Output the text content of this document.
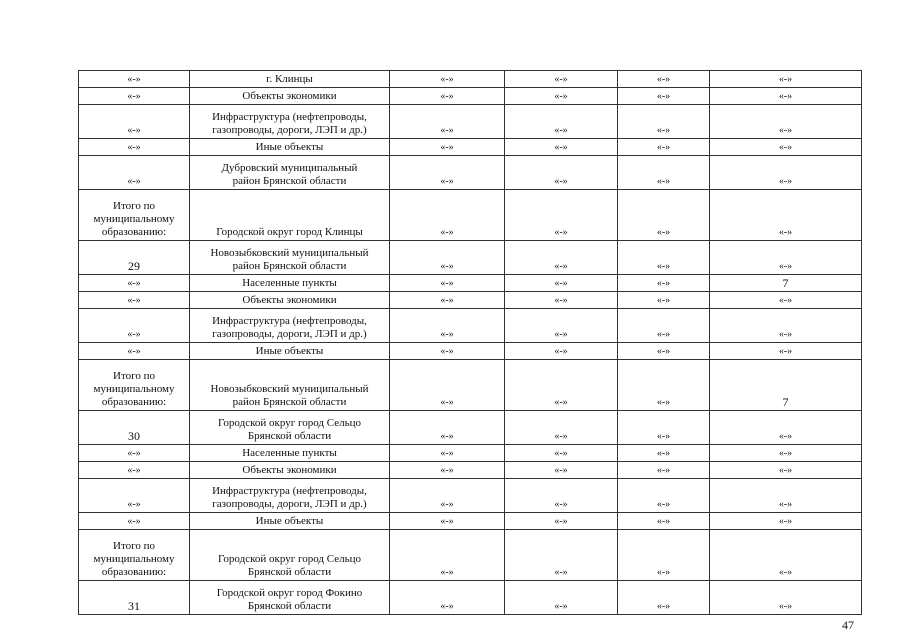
«-»	г. Клинцы	«-»	«-»	«-»	«-»
«-»	Объекты экономики	«-»	«-»	«-»	«-»
«-»	Инфраструктура (нефтепроводы,
газопроводы, дороги, ЛЭП и др.)	«-»	«-»	«-»	«-»
«-»	Иные объекты	«-»	«-»	«-»	«-»
«-»	Дубровский муниципальный
район Брянской области	«-»	«-»	«-»	«-»
Итого по
муниципальному
образованию:	Городской округ город Клинцы	«-»	«-»	«-»	«-»
29	Новозыбковский муниципальный
район Брянской области	«-»	«-»	«-»	«-»
«-»	Населенные пункты	«-»	«-»	«-»	7
«-»	Объекты экономики	«-»	«-»	«-»	«-»
«-»	Инфраструктура (нефтепроводы,
газопроводы, дороги, ЛЭП и др.)	«-»	«-»	«-»	«-»
«-»	Иные объекты	«-»	«-»	«-»	«-»
Итого по
муниципальному
образованию:	Новозыбковский муниципальный
район Брянской области	«-»	«-»	«-»	7
30	Городской округ город Сельцо
Брянской области	«-»	«-»	«-»	«-»
«-»	Населенные пункты	«-»	«-»	«-»	«-»
«-»	Объекты экономики	«-»	«-»	«-»	«-»
«-»	Инфраструктура (нефтепроводы,
газопроводы, дороги, ЛЭП и др.)	«-»	«-»	«-»	«-»
«-»	Иные объекты	«-»	«-»	«-»	«-»
Итого по
муниципальному
образованию:	Городской округ город Сельцо
Брянской области	«-»	«-»	«-»	«-»
31	Городской округ город Фокино
Брянской области	«-»	«-»	«-»	«-»
47
